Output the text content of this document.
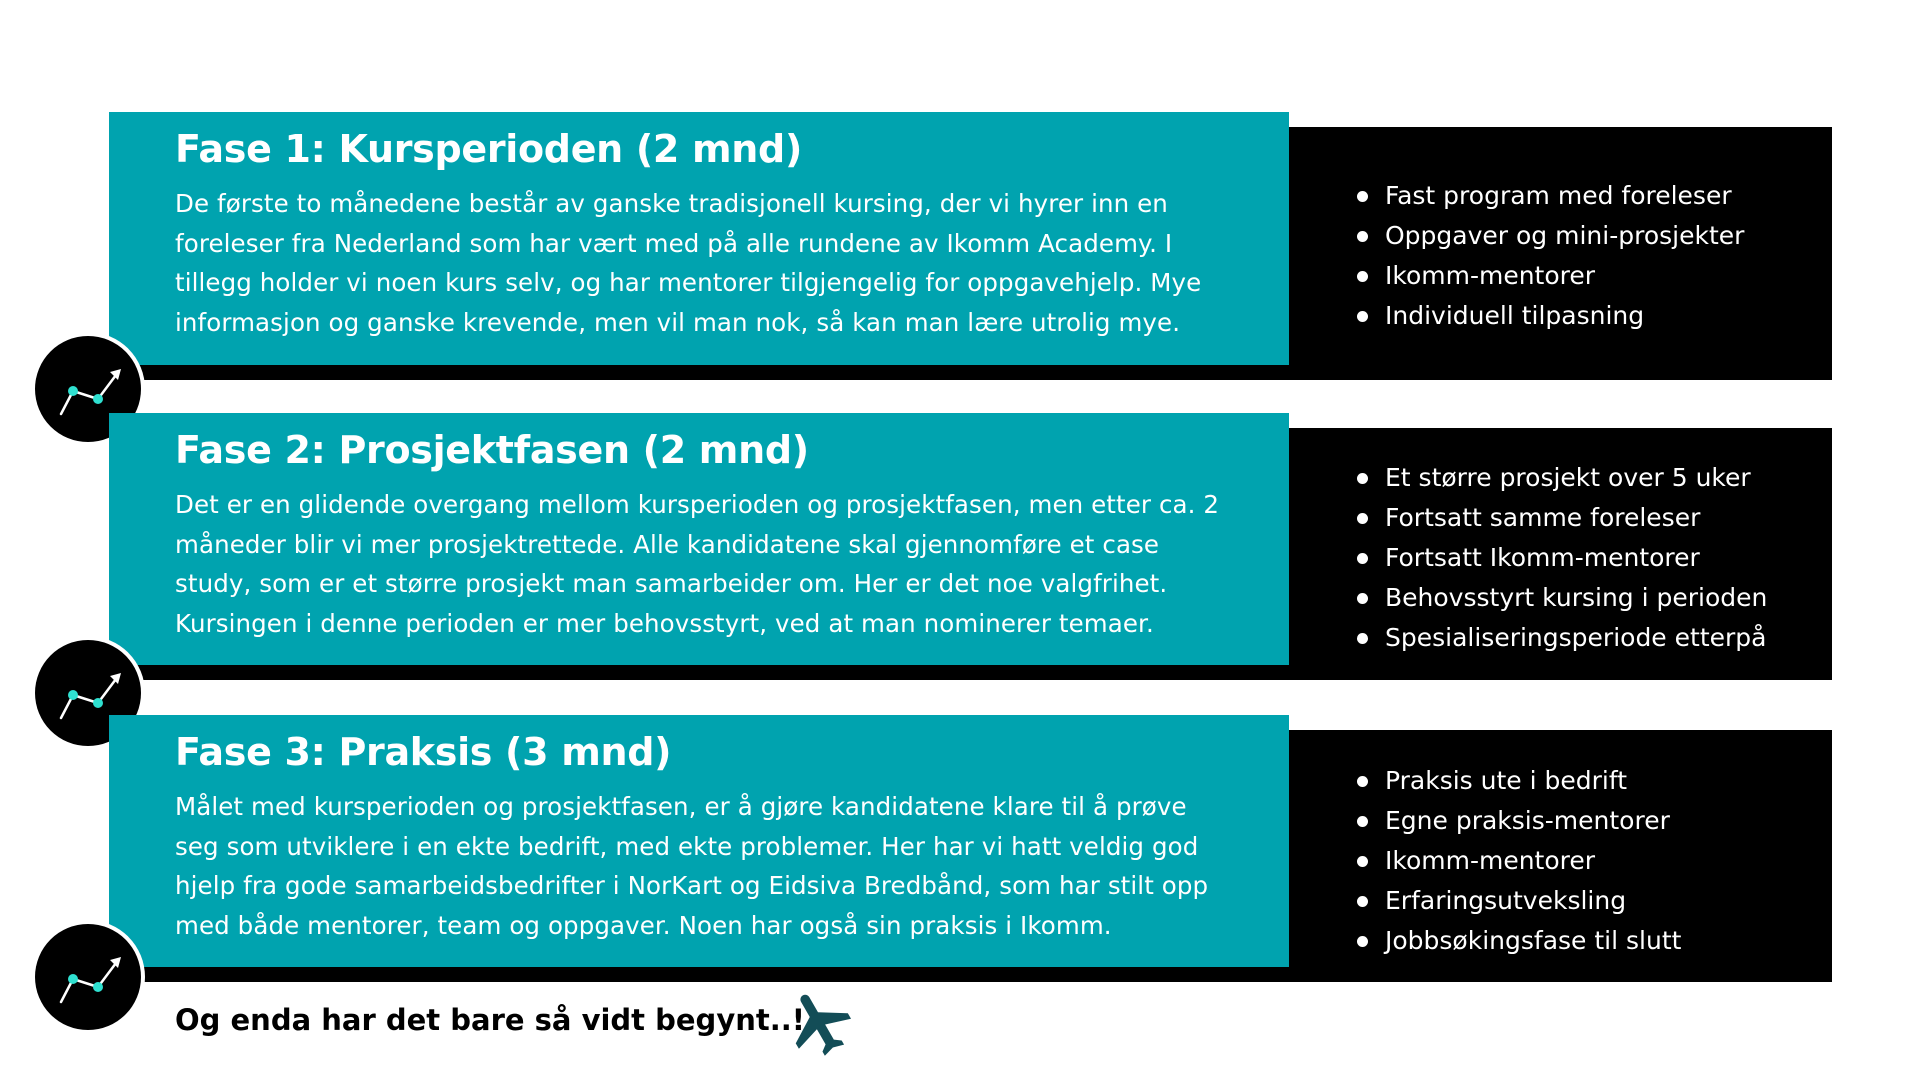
Fase 1: Kursperioden (2 mnd)

De første to månedene består av ganske tradisjonell kursing, der vi hyrer inn en foreleser fra Nederland som har vært med på alle rundene av Ikomm Academy. I tillegg holder vi noen kurs selv, og har mentorer tilgjengelig for oppgavehjelp. Mye informasjon og ganske krevende, men vil man nok, så kan man lære utrolig mye.

Fast program med foreleser
Oppgaver og mini-prosjekter
Ikomm-mentorer
Individuell tilpasning
Fase 2: Prosjektfasen (2 mnd)

Det er en glidende overgang mellom kursperioden og prosjektfasen, men etter ca. 2 måneder blir vi mer prosjektrettede. Alle kandidatene skal gjennomføre et case study, som er et større prosjekt man samarbeider om. Her er det noe valgfrihet. Kursingen i denne perioden er mer behovsstyrt, ved at man nominerer temaer.

Et større prosjekt over 5 uker
Fortsatt samme foreleser
Fortsatt Ikomm-mentorer
Behovsstyrt kursing i perioden
Spesialiseringsperiode etterpå
Fase 3: Praksis (3 mnd)

Målet med kursperioden og prosjektfasen, er å gjøre kandidatene klare til å prøve seg som utviklere i en ekte bedrift, med ekte problemer. Her har vi hatt veldig god hjelp fra gode samarbeidsbedrifter i NorKart og Eidsiva Bredbånd, som har stilt opp med både mentorer, team og oppgaver. Noen har også sin praksis i Ikomm.

Praksis ute i bedrift
Egne praksis-mentorer
Ikomm-mentorer
Erfaringsutveksling
Jobbsøkingsfase til slutt

Og enda har det bare så vidt begynt..!
